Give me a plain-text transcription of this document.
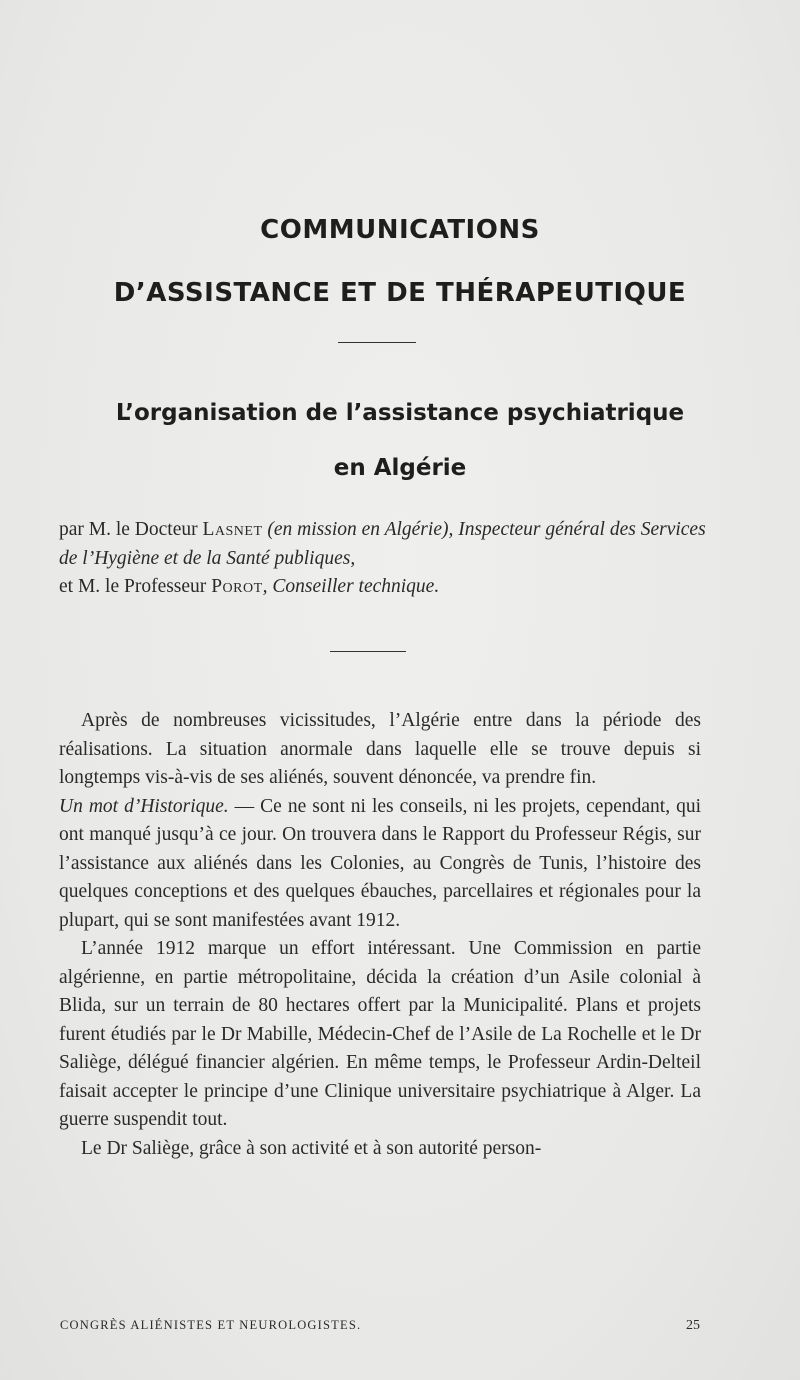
COMMUNICATIONS
D’ASSISTANCE ET DE THÉRAPEUTIQUE
L’organisation de l’assistance psychiatrique
en Algérie
par M. le Docteur Lasnet (en mission en Algérie), Inspecteur général des Services de l’Hygiène et de la Santé publiques,
et M. le Professeur Porot, Conseiller technique.

Après de nombreuses vicissitudes, l’Algérie entre dans la période des réalisations. La situation anormale dans laquelle elle se trouve depuis si longtemps vis-à-vis de ses aliénés, souvent dénoncée, va prendre fin.

Un mot d’Historique. — Ce ne sont ni les conseils, ni les projets, cependant, qui ont manqué jusqu’à ce jour. On trouvera dans le Rapport du Professeur Régis, sur l’assistance aux aliénés dans les Colonies, au Congrès de Tunis, l’histoire des quelques conceptions et des quelques ébauches, parcellaires et régionales pour la plupart, qui se sont manifestées avant 1912.

L’année 1912 marque un effort intéressant. Une Commission en partie algérienne, en partie métropolitaine, décida la création d’un Asile colonial à Blida, sur un terrain de 80 hectares offert par la Municipalité. Plans et projets furent étudiés par le Dr Mabille, Médecin-Chef de l’Asile de La Rochelle et le Dr Saliège, délégué financier algérien. En même temps, le Professeur Ardin-Delteil faisait accepter le principe d’une Clinique universitaire psychiatrique à Alger. La guerre suspendit tout.

Le Dr Saliège, grâce à son activité et à son autorité person-

CONGRÈS ALIÉNISTES ET NEUROLOGISTES.	25
